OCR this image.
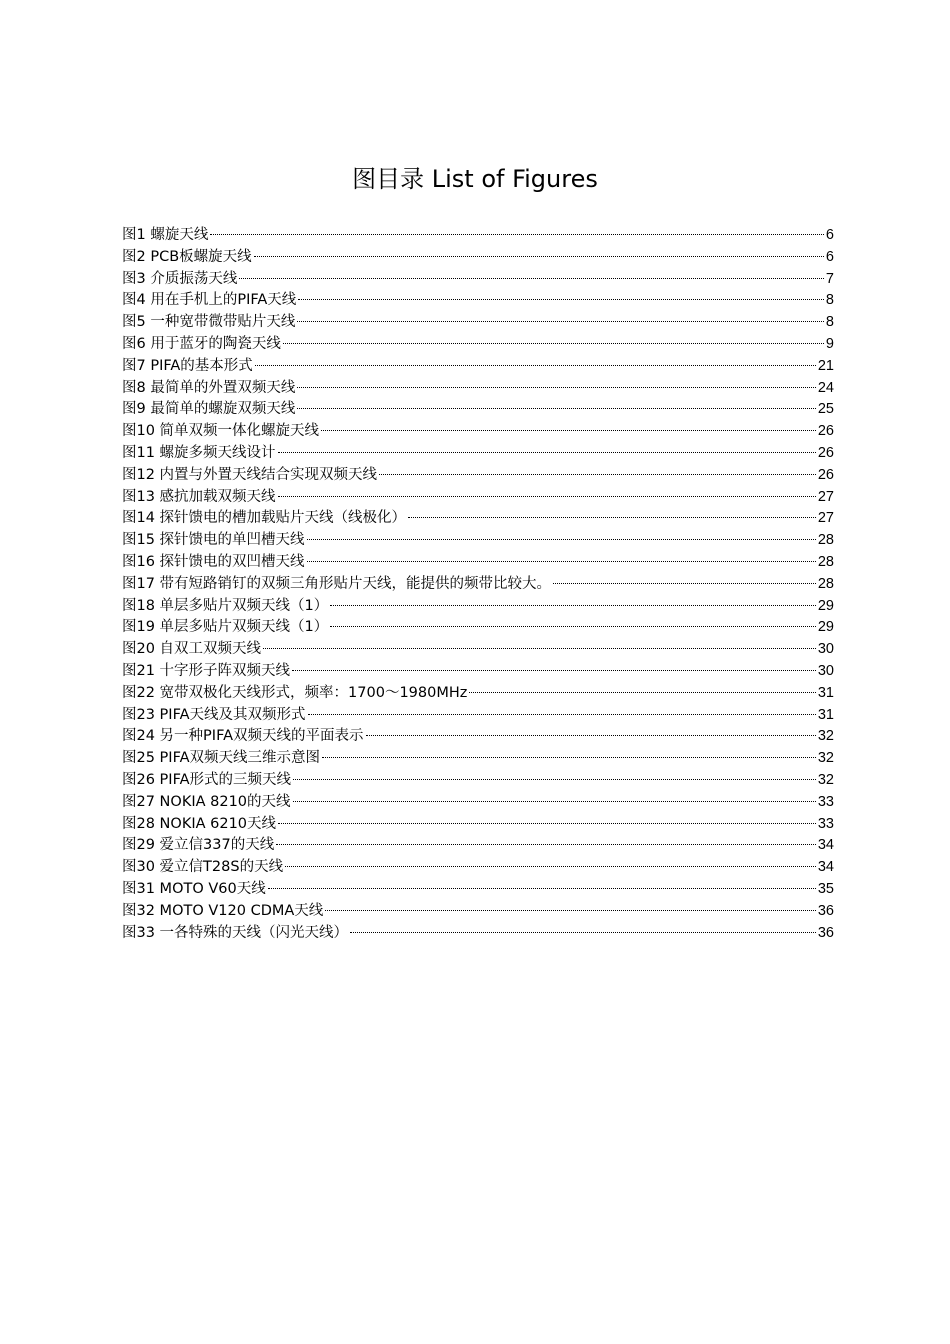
图目录 List of Figures
图1 螺旋天线	6
图2 PCB板螺旋天线	6
图3 介质振荡天线	7
图4 用在手机上的PIFA天线	8
图5 一种宽带微带贴片天线	8
图6 用于蓝牙的陶瓷天线	9
图7 PIFA的基本形式	21
图8 最简单的外置双频天线	24
图9 最简单的螺旋双频天线	25
图10 简单双频一体化螺旋天线	26
图11 螺旋多频天线设计	26
图12 内置与外置天线结合实现双频天线	26
图13 感抗加载双频天线	27
图14 探针馈电的槽加载贴片天线（线极化）	27
图15 探针馈电的单凹槽天线	28
图16 探针馈电的双凹槽天线	28
图17 带有短路销钉的双频三角形贴片天线，能提供的频带比较大。	28
图18 单层多贴片双频天线（1）	29
图19 单层多贴片双频天线（1）	29
图20 自双工双频天线	30
图21 十字形子阵双频天线	30
图22 宽带双极化天线形式，频率：1700～1980MHz	31
图23 PIFA天线及其双频形式	31
图24 另一种PIFA双频天线的平面表示	32
图25 PIFA双频天线三维示意图	32
图26 PIFA形式的三频天线	32
图27 NOKIA 8210的天线	33
图28 NOKIA 6210天线	33
图29 爱立信337的天线	34
图30 爱立信T28S的天线	34
图31 MOTO V60天线	35
图32 MOTO V120 CDMA天线	36
图33 一各特殊的天线（闪光天线）	36
